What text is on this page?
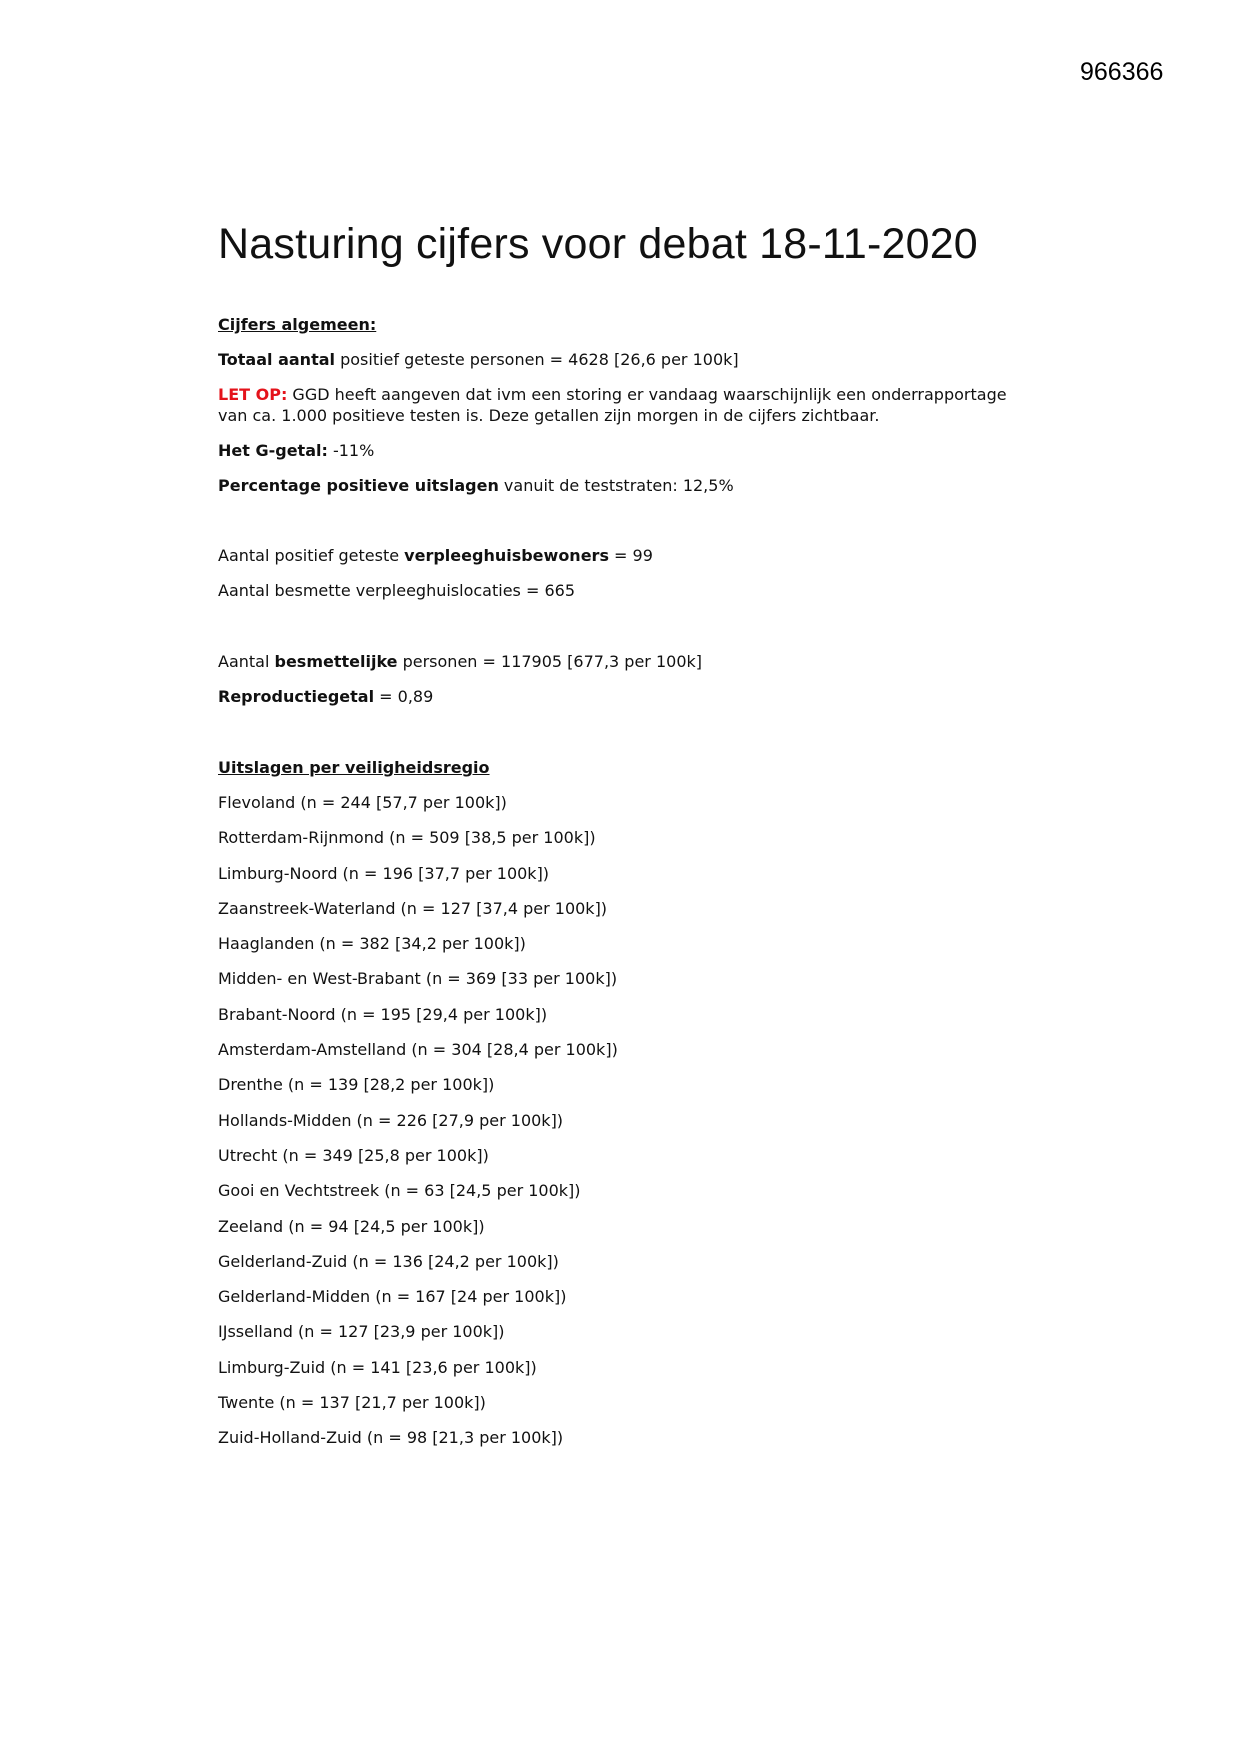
966366
Nasturing cijfers voor debat 18-11-2020
Cijfers algemeen:
Totaal aantal positief geteste personen = 4628 [26,6 per 100k]
LET OP: GGD heeft aangeven dat ivm een storing er vandaag waarschijnlijk een onderrapportage
van ca. 1.000 positieve testen is. Deze getallen zijn morgen in de cijfers zichtbaar.
Het G-getal: -11%
Percentage positieve uitslagen vanuit de teststraten: 12,5%
Aantal positief geteste verpleeghuisbewoners = 99
Aantal besmette verpleeghuislocaties = 665
Aantal besmettelijke personen = 117905 [677,3 per 100k]
Reproductiegetal = 0,89
Uitslagen per veiligheidsregio
Flevoland (n = 244 [57,7 per 100k])
Rotterdam-Rijnmond (n = 509 [38,5 per 100k])
Limburg-Noord (n = 196 [37,7 per 100k])
Zaanstreek-Waterland (n = 127 [37,4 per 100k])
Haaglanden (n = 382 [34,2 per 100k])
Midden- en West-Brabant (n = 369 [33 per 100k])
Brabant-Noord (n = 195 [29,4 per 100k])
Amsterdam-Amstelland (n = 304 [28,4 per 100k])
Drenthe (n = 139 [28,2 per 100k])
Hollands-Midden (n = 226 [27,9 per 100k])
Utrecht (n = 349 [25,8 per 100k])
Gooi en Vechtstreek (n = 63 [24,5 per 100k])
Zeeland (n = 94 [24,5 per 100k])
Gelderland-Zuid (n = 136 [24,2 per 100k])
Gelderland-Midden (n = 167 [24 per 100k])
IJsselland (n = 127 [23,9 per 100k])
Limburg-Zuid (n = 141 [23,6 per 100k])
Twente (n = 137 [21,7 per 100k])
Zuid-Holland-Zuid (n = 98 [21,3 per 100k])
